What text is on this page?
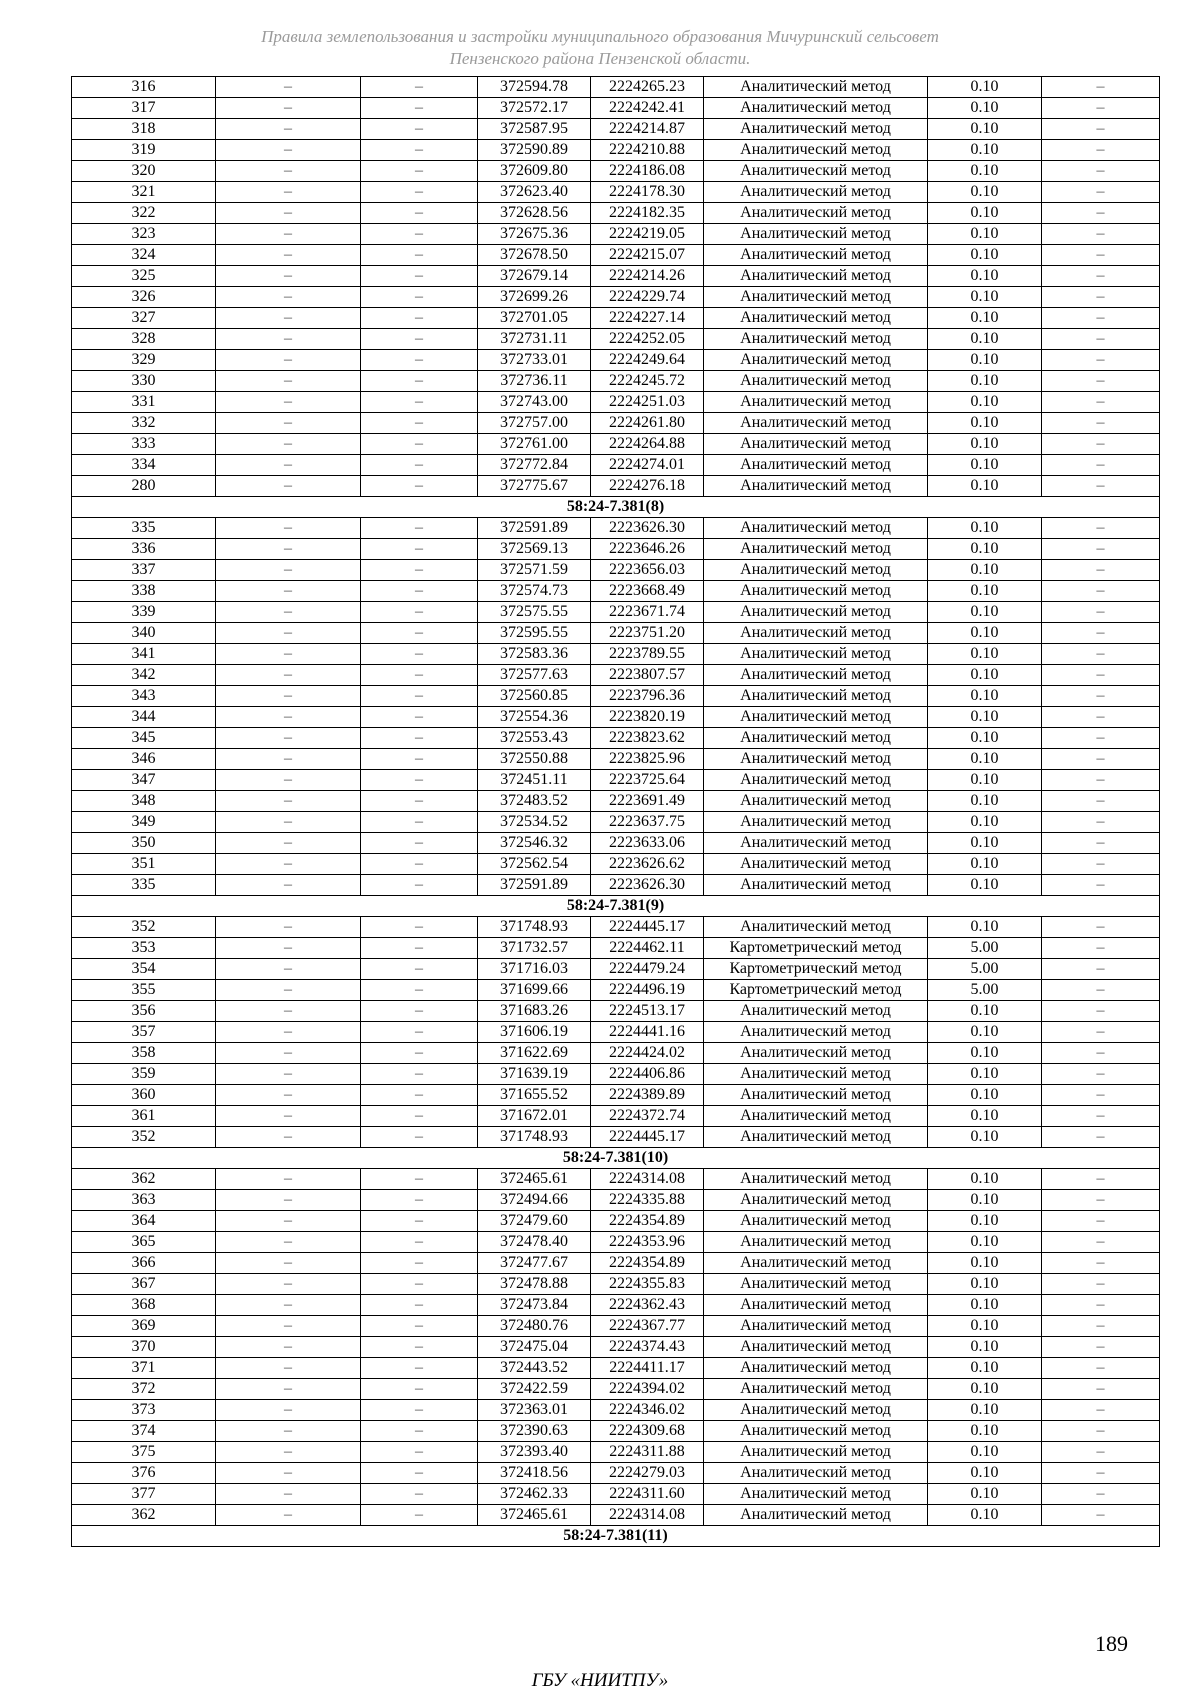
Правила землепользования и застройки муниципального образования Мичуринский сельсовет
Пензенского района Пензенской области.
316	–	–	372594.78	2224265.23	Аналитический метод	0.10	–
317	–	–	372572.17	2224242.41	Аналитический метод	0.10	–
318	–	–	372587.95	2224214.87	Аналитический метод	0.10	–
319	–	–	372590.89	2224210.88	Аналитический метод	0.10	–
320	–	–	372609.80	2224186.08	Аналитический метод	0.10	–
321	–	–	372623.40	2224178.30	Аналитический метод	0.10	–
322	–	–	372628.56	2224182.35	Аналитический метод	0.10	–
323	–	–	372675.36	2224219.05	Аналитический метод	0.10	–
324	–	–	372678.50	2224215.07	Аналитический метод	0.10	–
325	–	–	372679.14	2224214.26	Аналитический метод	0.10	–
326	–	–	372699.26	2224229.74	Аналитический метод	0.10	–
327	–	–	372701.05	2224227.14	Аналитический метод	0.10	–
328	–	–	372731.11	2224252.05	Аналитический метод	0.10	–
329	–	–	372733.01	2224249.64	Аналитический метод	0.10	–
330	–	–	372736.11	2224245.72	Аналитический метод	0.10	–
331	–	–	372743.00	2224251.03	Аналитический метод	0.10	–
332	–	–	372757.00	2224261.80	Аналитический метод	0.10	–
333	–	–	372761.00	2224264.88	Аналитический метод	0.10	–
334	–	–	372772.84	2224274.01	Аналитический метод	0.10	–
280	–	–	372775.67	2224276.18	Аналитический метод	0.10	–
58:24-7.381(8)							
335	–	–	372591.89	2223626.30	Аналитический метод	0.10	–
336	–	–	372569.13	2223646.26	Аналитический метод	0.10	–
337	–	–	372571.59	2223656.03	Аналитический метод	0.10	–
338	–	–	372574.73	2223668.49	Аналитический метод	0.10	–
339	–	–	372575.55	2223671.74	Аналитический метод	0.10	–
340	–	–	372595.55	2223751.20	Аналитический метод	0.10	–
341	–	–	372583.36	2223789.55	Аналитический метод	0.10	–
342	–	–	372577.63	2223807.57	Аналитический метод	0.10	–
343	–	–	372560.85	2223796.36	Аналитический метод	0.10	–
344	–	–	372554.36	2223820.19	Аналитический метод	0.10	–
345	–	–	372553.43	2223823.62	Аналитический метод	0.10	–
346	–	–	372550.88	2223825.96	Аналитический метод	0.10	–
347	–	–	372451.11	2223725.64	Аналитический метод	0.10	–
348	–	–	372483.52	2223691.49	Аналитический метод	0.10	–
349	–	–	372534.52	2223637.75	Аналитический метод	0.10	–
350	–	–	372546.32	2223633.06	Аналитический метод	0.10	–
351	–	–	372562.54	2223626.62	Аналитический метод	0.10	–
335	–	–	372591.89	2223626.30	Аналитический метод	0.10	–
58:24-7.381(9)							
352	–	–	371748.93	2224445.17	Аналитический метод	0.10	–
353	–	–	371732.57	2224462.11	Картометрический метод	5.00	–
354	–	–	371716.03	2224479.24	Картометрический метод	5.00	–
355	–	–	371699.66	2224496.19	Картометрический метод	5.00	–
356	–	–	371683.26	2224513.17	Аналитический метод	0.10	–
357	–	–	371606.19	2224441.16	Аналитический метод	0.10	–
358	–	–	371622.69	2224424.02	Аналитический метод	0.10	–
359	–	–	371639.19	2224406.86	Аналитический метод	0.10	–
360	–	–	371655.52	2224389.89	Аналитический метод	0.10	–
361	–	–	371672.01	2224372.74	Аналитический метод	0.10	–
352	–	–	371748.93	2224445.17	Аналитический метод	0.10	–
58:24-7.381(10)							
362	–	–	372465.61	2224314.08	Аналитический метод	0.10	–
363	–	–	372494.66	2224335.88	Аналитический метод	0.10	–
364	–	–	372479.60	2224354.89	Аналитический метод	0.10	–
365	–	–	372478.40	2224353.96	Аналитический метод	0.10	–
366	–	–	372477.67	2224354.89	Аналитический метод	0.10	–
367	–	–	372478.88	2224355.83	Аналитический метод	0.10	–
368	–	–	372473.84	2224362.43	Аналитический метод	0.10	–
369	–	–	372480.76	2224367.77	Аналитический метод	0.10	–
370	–	–	372475.04	2224374.43	Аналитический метод	0.10	–
371	–	–	372443.52	2224411.17	Аналитический метод	0.10	–
372	–	–	372422.59	2224394.02	Аналитический метод	0.10	–
373	–	–	372363.01	2224346.02	Аналитический метод	0.10	–
374	–	–	372390.63	2224309.68	Аналитический метод	0.10	–
375	–	–	372393.40	2224311.88	Аналитический метод	0.10	–
376	–	–	372418.56	2224279.03	Аналитический метод	0.10	–
377	–	–	372462.33	2224311.60	Аналитический метод	0.10	–
362	–	–	372465.61	2224314.08	Аналитический метод	0.10	–
58:24-7.381(11)							
189
ГБУ «НИИТПУ»
